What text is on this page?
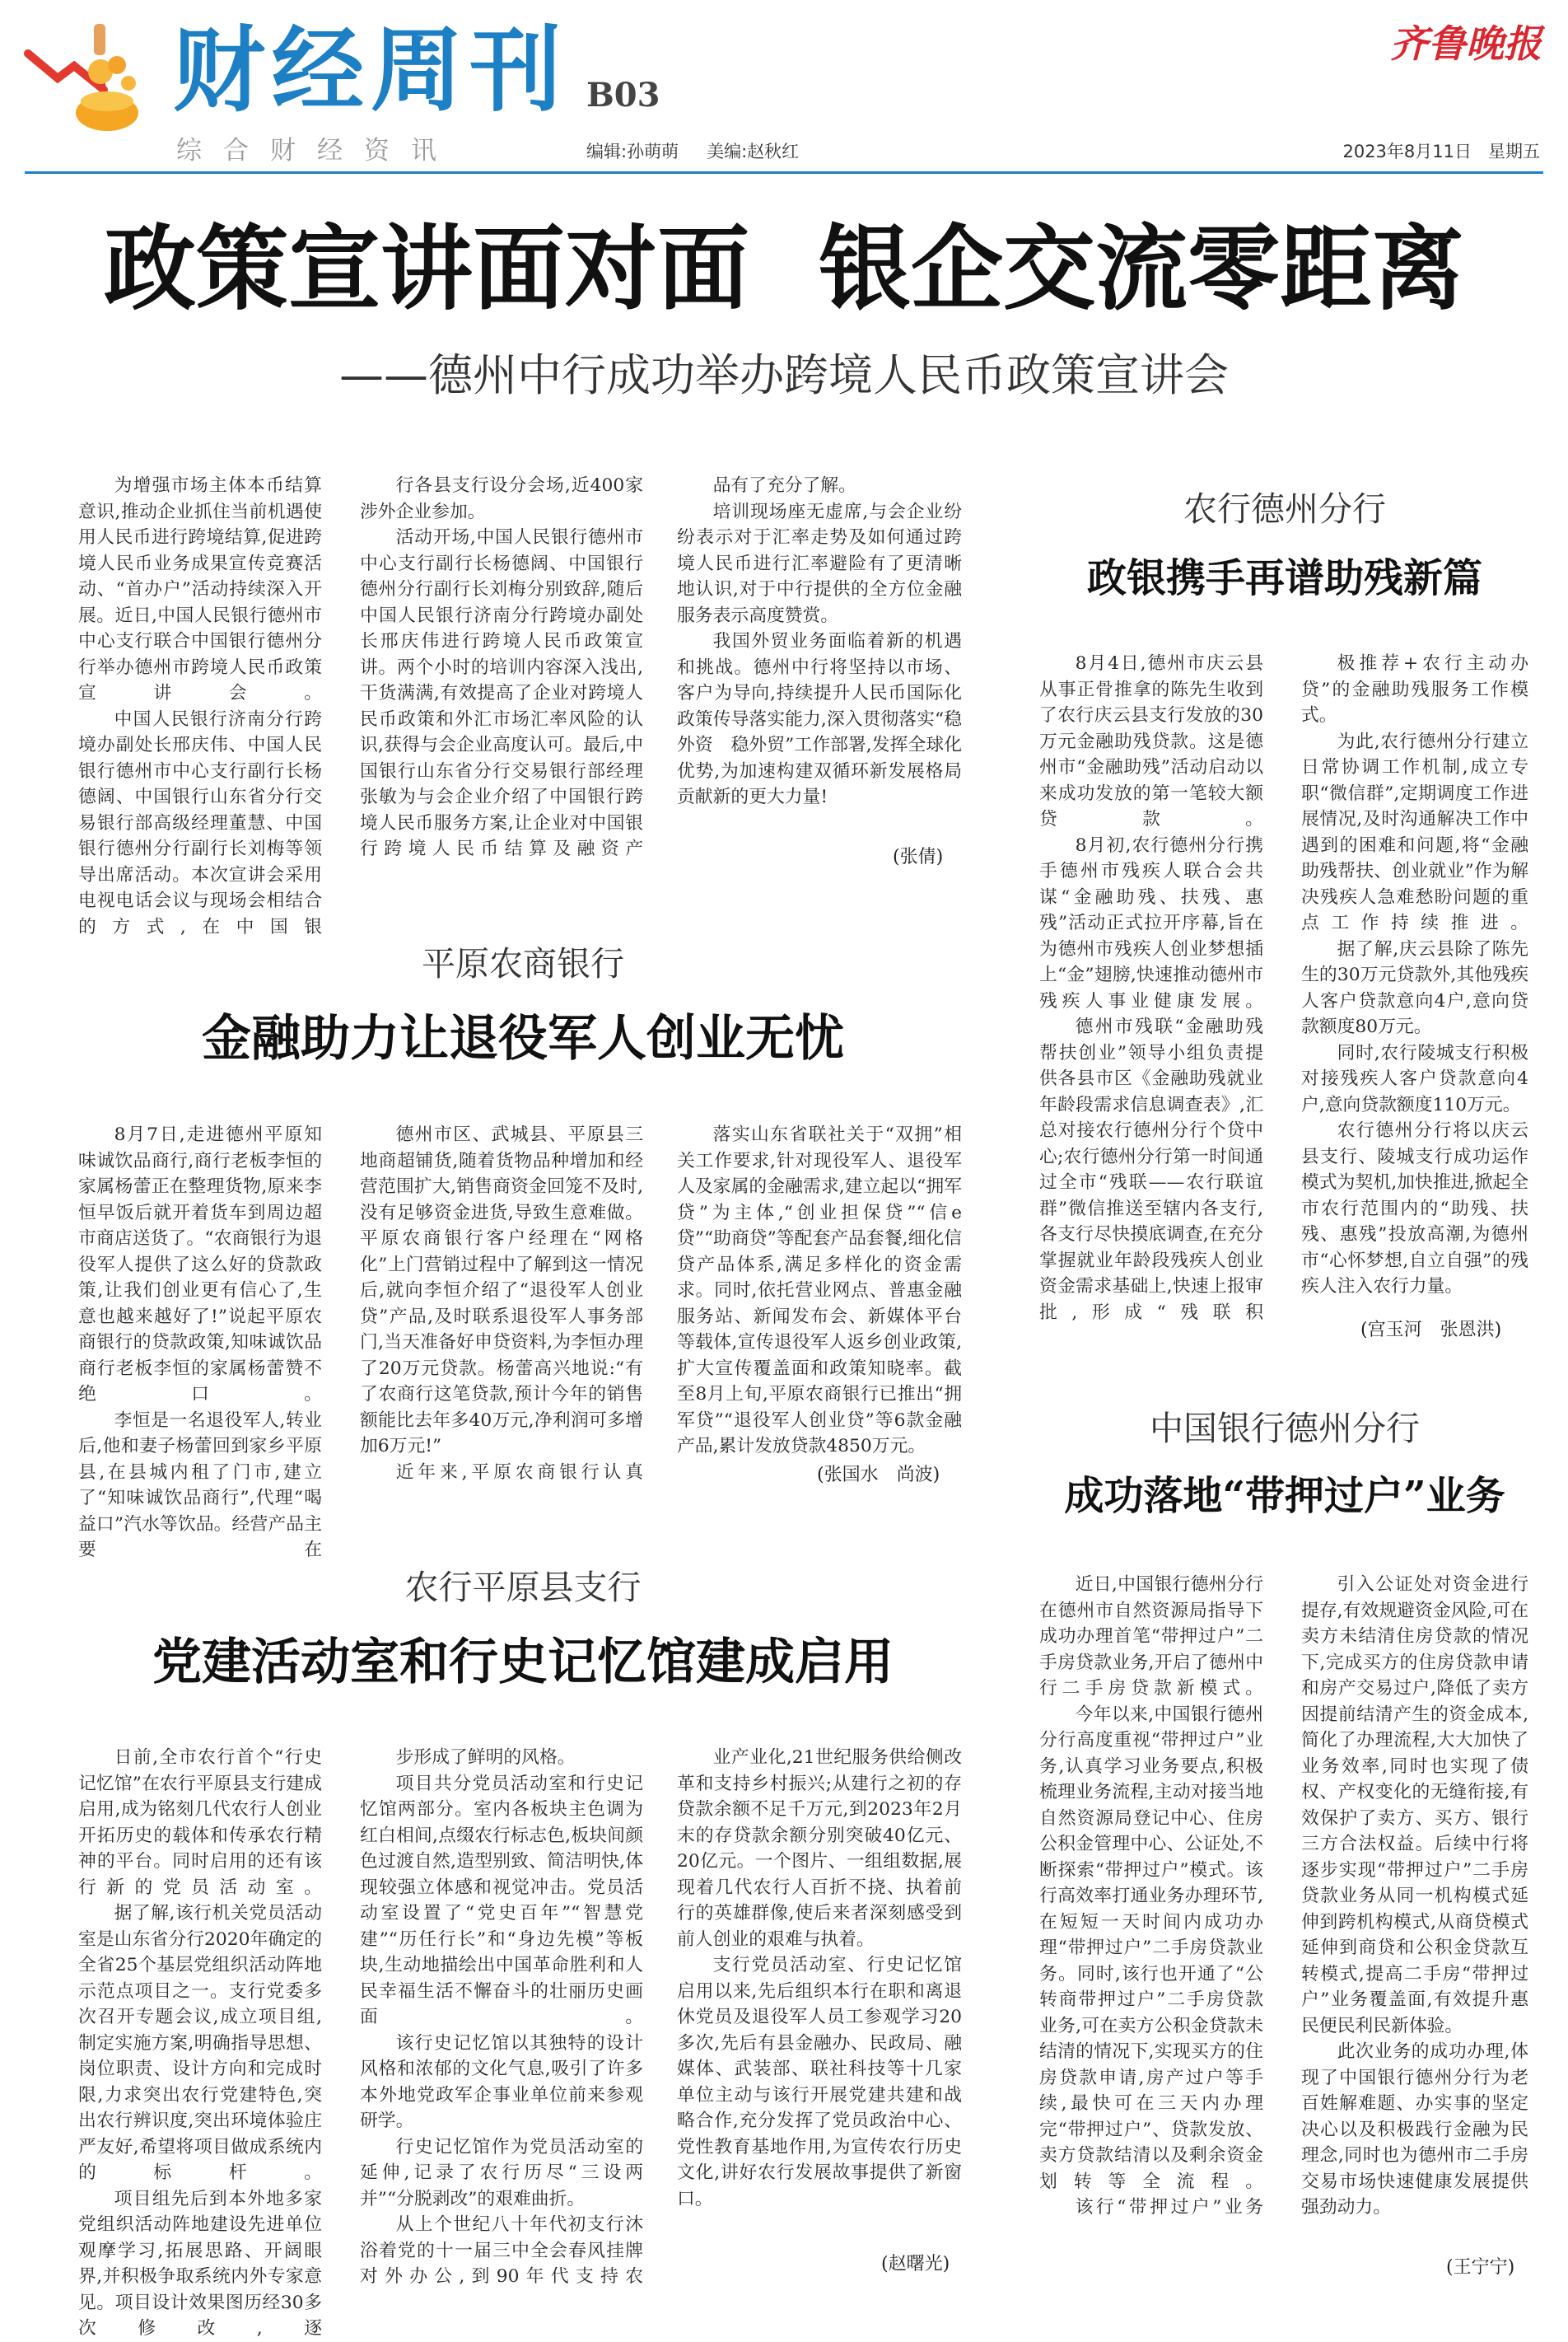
财经周刊 B03
综合财经资讯	编辑:孙萌萌 美编:赵秋红
齐鲁晚报
2023年8月11日 星期五
政策宣讲面对面 银企交流零距离
——德州中行成功举办跨境人民币政策宣讲会

为增强市场主体本币结算意识,推动企业抓住当前机遇使用人民币进行跨境结算,促进跨境人民币业务成果宣传竞赛活动、“首办户”活动持续深入开展。近日,中国人民银行德州市中心支行联合中国银行德州分行举办德州市跨境人民币政策宣讲会。

中国人民银行济南分行跨境办副处长邢庆伟、中国人民银行德州市中心支行副行长杨德阔、中国银行山东省分行交易银行部高级经理董慧、中国银行德州分行副行长刘梅等领导出席活动。本次宣讲会采用电视电话会议与现场会相结合的方式,在中国银

行各县支行设分会场,近400家涉外企业参加。

活动开场,中国人民银行德州市中心支行副行长杨德阔、中国银行德州分行副行长刘梅分别致辞,随后中国人民银行济南分行跨境办副处长邢庆伟进行跨境人民币政策宣讲。两个小时的培训内容深入浅出,干货满满,有效提高了企业对跨境人民币政策和外汇市场汇率风险的认识,获得与会企业高度认可。最后,中国银行山东省分行交易银行部经理张敏为与会企业介绍了中国银行跨境人民币服务方案,让企业对中国银行跨境人民币结算及融资产

品有了充分了解。

培训现场座无虚席,与会企业纷纷表示对于汇率走势及如何通过跨境人民币进行汇率避险有了更清晰地认识,对于中行提供的全方位金融服务表示高度赞赏。

我国外贸业务面临着新的机遇和挑战。德州中行将坚持以市场、客户为导向,持续提升人民币国际化政策传导落实能力,深入贯彻落实“稳外资　稳外贸”工作部署,发挥全球化优势,为加速构建双循环新发展格局贡献新的更大力量!

(张倩)
平原农商银行
金融助力让退役军人创业无忧

8月7日,走进德州平原知味诚饮品商行,商行老板李恒的家属杨蕾正在整理货物,原来李恒早饭后就开着货车到周边超市商店送货了。“农商银行为退役军人提供了这么好的贷款政策,让我们创业更有信心了,生意也越来越好了!”说起平原农商银行的贷款政策,知味诚饮品商行老板李恒的家属杨蕾赞不绝口。

李恒是一名退役军人,转业后,他和妻子杨蕾回到家乡平原县,在县城内租了门市,建立了“知味诚饮品商行”,代理“喝益口”汽水等饮品。经营产品主要在

德州市区、武城县、平原县三地商超铺货,随着货物品种增加和经营范围扩大,销售商资金回笼不及时,没有足够资金进货,导致生意难做。平原农商银行客户经理在“网格化”上门营销过程中了解到这一情况后,就向李恒介绍了“退役军人创业贷”产品,及时联系退役军人事务部门,当天准备好申贷资料,为李恒办理了20万元贷款。杨蕾高兴地说:“有了农商行这笔贷款,预计今年的销售额能比去年多40万元,净利润可多增加6万元!”

近年来,平原农商银行认真

落实山东省联社关于“双拥”相关工作要求,针对现役军人、退役军人及家属的金融需求,建立起以“拥军贷”为主体,“创业担保贷”“信e贷”“助商贷”等配套产品套餐,细化信贷产品体系,满足多样化的资金需求。同时,依托营业网点、普惠金融服务站、新闻发布会、新媒体平台等载体,宣传退役军人返乡创业政策,扩大宣传覆盖面和政策知晓率。截至8月上旬,平原农商银行已推出“拥军贷”“退役军人创业贷”等6款金融产品,累计发放贷款4850万元。

(张国水　尚波)
农行平原县支行
党建活动室和行史记忆馆建成启用

日前,全市农行首个“行史记忆馆”在农行平原县支行建成启用,成为铭刻几代农行人创业开拓历史的载体和传承农行精神的平台。同时启用的还有该行新的党员活动室。

据了解,该行机关党员活动室是山东省分行2020年确定的全省25个基层党组织活动阵地示范点项目之一。支行党委多次召开专题会议,成立项目组,制定实施方案,明确指导思想、岗位职责、设计方向和完成时限,力求突出农行党建特色,突出农行辨识度,突出环境体验庄严友好,希望将项目做成系统内的标杆。

项目组先后到本外地多家党组织活动阵地建设先进单位观摩学习,拓展思路、开阔眼界,并积极争取系统内外专家意见。项目设计效果图历经30多次修改,逐

步形成了鲜明的风格。

项目共分党员活动室和行史记忆馆两部分。室内各板块主色调为红白相间,点缀农行标志色,板块间颜色过渡自然,造型别致、简洁明快,体现较强立体感和视觉冲击。党员活动室设置了“党史百年”“智慧党建”“历任行长”和“身边先模”等板块,生动地描绘出中国革命胜利和人民幸福生活不懈奋斗的壮丽历史画面。

该行史记忆馆以其独特的设计风格和浓郁的文化气息,吸引了许多本外地党政军企事业单位前来参观研学。

行史记忆馆作为党员活动室的延伸,记录了农行历尽“三设两并”“分脱剥改”的艰难曲折。

从上个世纪八十年代初支行沐浴着党的十一届三中全会春风挂牌对外办公,到90年代支持农

业产业化,21世纪服务供给侧改革和支持乡村振兴;从建行之初的存贷款余额不足千万元,到2023年2月末的存贷款余额分别突破40亿元、20亿元。一个图片、一组组数据,展现着几代农行人百折不挠、执着前行的英雄群像,使后来者深刻感受到前人创业的艰难与执着。

支行党员活动室、行史记忆馆启用以来,先后组织本行在职和离退休党员及退役军人员工参观学习20多次,先后有县金融办、民政局、融媒体、武装部、联社科技等十几家单位主动与该行开展党建共建和战略合作,充分发挥了党员政治中心、党性教育基地作用,为宣传农行历史文化,讲好农行发展故事提供了新窗口。

(赵曙光)
农行德州分行
政银携手再谱助残新篇

8月4日,德州市庆云县从事正骨推拿的陈先生收到了农行庆云县支行发放的30万元金融助残贷款。这是德州市“金融助残”活动启动以来成功发放的第一笔较大额贷款。

8月初,农行德州分行携手德州市残疾人联合会共谋“金融助残、扶残、惠残”活动正式拉开序幕,旨在为德州市残疾人创业梦想插上“金”翅膀,快速推动德州市残疾人事业健康发展。

德州市残联“金融助残帮扶创业”领导小组负责提供各县市区《金融助残就业年龄段需求信息调查表》,汇总对接农行德州分行个贷中心;农行德州分行第一时间通过全市“残联——农行联谊群”微信推送至辖内各支行,各支行尽快摸底调查,在充分掌握就业年龄段残疾人创业资金需求基础上,快速上报审批,形成“残联积

极推荐+农行主动办贷”的金融助残服务工作模式。

为此,农行德州分行建立日常协调工作机制,成立专职“微信群”,定期调度工作进展情况,及时沟通解决工作中遇到的困难和问题,将“金融助残帮扶、创业就业”作为解决残疾人急难愁盼问题的重点工作持续推进。

据了解,庆云县除了陈先生的30万元贷款外,其他残疾人客户贷款意向4户,意向贷款额度80万元。

同时,农行陵城支行积极对接残疾人客户贷款意向4户,意向贷款额度110万元。

农行德州分行将以庆云县支行、陵城支行成功运作模式为契机,加快推进,掀起全市农行范围内的“助残、扶残、惠残”投放高潮,为德州市“心怀梦想,自立自强”的残疾人注入农行力量。

(宫玉河　张恩洪)
中国银行德州分行
成功落地“带押过户”业务

近日,中国银行德州分行在德州市自然资源局指导下成功办理首笔“带押过户”二手房贷款业务,开启了德州中行二手房贷款新模式。

今年以来,中国银行德州分行高度重视“带押过户”业务,认真学习业务要点,积极梳理业务流程,主动对接当地自然资源局登记中心、住房公积金管理中心、公证处,不断探索“带押过户”模式。该行高效率打通业务办理环节,在短短一天时间内成功办理“带押过户”二手房贷款业务。同时,该行也开通了“公转商带押过户”二手房贷款业务,可在卖方公积金贷款未结清的情况下,实现买方的住房贷款申请,房产过户等手续,最快可在三天内办理完“带押过户”、贷款发放、卖方贷款结清以及剩余资金划转等全流程。

该行“带押过户”业务

引入公证处对资金进行提存,有效规避资金风险,可在卖方未结清住房贷款的情况下,完成买方的住房贷款申请和房产交易过户,降低了卖方因提前结清产生的资金成本,简化了办理流程,大大加快了业务效率,同时也实现了债权、产权变化的无缝衔接,有效保护了卖方、买方、银行三方合法权益。后续中行将逐步实现“带押过户”二手房贷款业务从同一机构模式延伸到跨机构模式,从商贷模式延伸到商贷和公积金贷款互转模式,提高二手房“带押过户”业务覆盖面,有效提升惠民便民利民新体验。

此次业务的成功办理,体现了中国银行德州分行为老百姓解难题、办实事的坚定决心以及积极践行金融为民理念,同时也为德州市二手房交易市场快速健康发展提供强劲动力。

(王宁宁)
